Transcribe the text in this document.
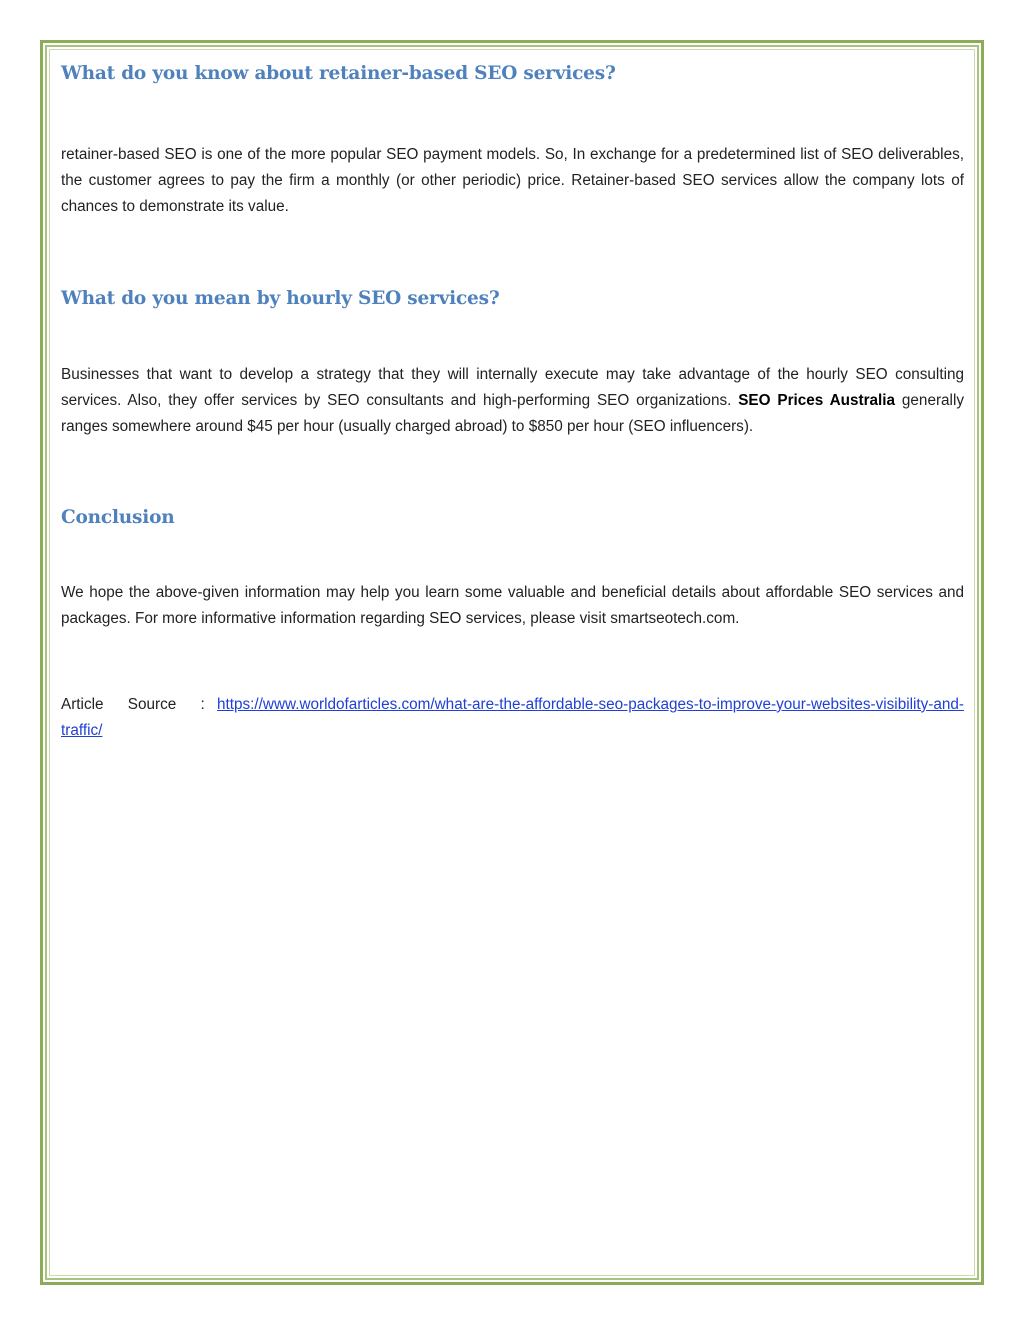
What do you know about retainer-based SEO services?

retainer-based SEO is one of the more popular SEO payment models. So, In exchange for a predetermined list of SEO deliverables, the customer agrees to pay the firm a monthly (or other periodic) price. Retainer-based SEO services allow the company lots of chances to demonstrate its value.

What do you mean by hourly SEO services?

Businesses that want to develop a strategy that they will internally execute may take advantage of the hourly SEO consulting services. Also, they offer services by SEO consultants and high-performing SEO organizations. SEO Prices Australia generally ranges somewhere around $45 per hour (usually charged abroad) to $850 per hour (SEO influencers).

Conclusion

We hope the above-given information may help you learn some valuable and beneficial details about affordable SEO services and packages. For more informative information regarding SEO services, please visit smartseotech.com.

Article Source : https://www.worldofarticles.com/what-are-the-affordable-seo-packages-to-improve-your-websites-visibility-and-traffic/
